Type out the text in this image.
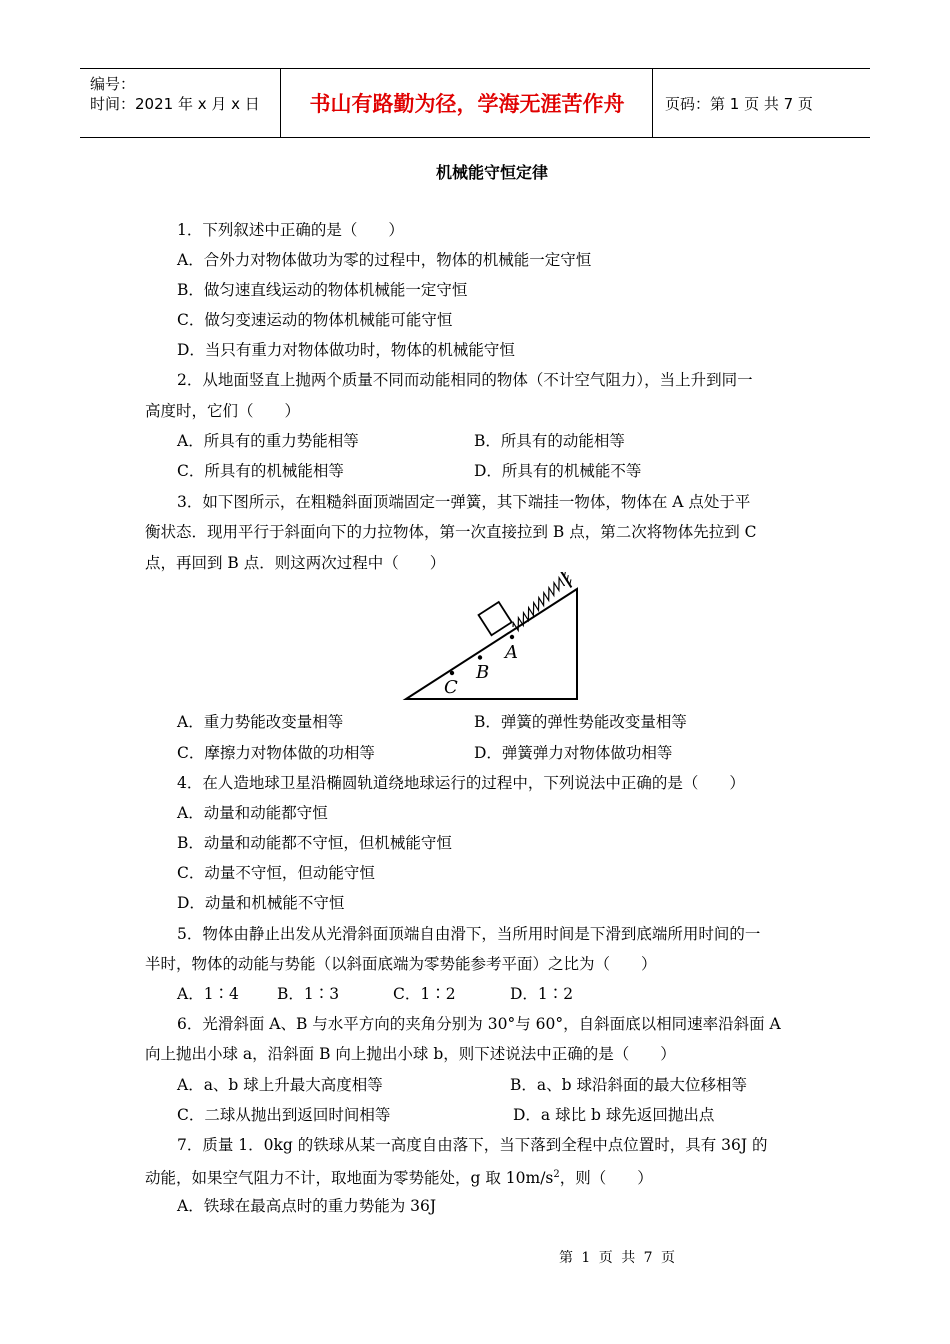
编号：
时间：2021 年 x 月 x 日	书山有路勤为径，学海无涯苦作舟	页码：第 1 页 共 7 页
机械能守恒定律
1．下列叙述中正确的是（　　）
A．合外力对物体做功为零的过程中，物体的机械能一定守恒
B．做匀速直线运动的物体机械能一定守恒
C．做匀变速运动的物体机械能可能守恒
D．当只有重力对物体做功时，物体的机械能守恒
2．从地面竖直上抛两个质量不同而动能相同的物体（不计空气阻力），当上升到同一
高度时，它们（　　）
A．所具有的重力势能相等	B．所具有的动能相等
C．所具有的机械能相等	D．所具有的机械能不等
3．如下图所示，在粗糙斜面顶端固定一弹簧，其下端挂一物体，物体在 A 点处于平
衡状态．现用平行于斜面向下的力拉物体，第一次直接拉到 B 点，第二次将物体先拉到 C
点，再回到 B 点．则这两次过程中（　　）
A
B
C
A．重力势能改变量相等	B．弹簧的弹性势能改变量相等
C．摩擦力对物体做的功相等	D．弹簧弹力对物体做功相等
4．在人造地球卫星沿椭圆轨道绕地球运行的过程中，下列说法中正确的是（　　）
A．动量和动能都守恒
B．动量和动能都不守恒，但机械能守恒
C．动量不守恒，但动能守恒
D．动量和机械能不守恒
5．物体由静止出发从光滑斜面顶端自由滑下，当所用时间是下滑到底端所用时间的一
半时，物体的动能与势能（以斜面底端为零势能参考平面）之比为（　　）
A．1∶4 B．1∶3	C．1∶2	D．1∶2
6．光滑斜面 A、B 与水平方向的夹角分别为 30°与 60°，自斜面底以相同速率沿斜面 A
向上抛出小球 a，沿斜面 B 向上抛出小球 b，则下述说法中正确的是（　　）
A．a、b 球上升最大高度相等	B．a、b 球沿斜面的最大位移相等
C．二球从抛出到返回时间相等	D．a 球比 b 球先返回抛出点
7．质量 1．0kg 的铁球从某一高度自由落下，当下落到全程中点位置时，具有 36J 的
动能，如果空气阻力不计，取地面为零势能处，g 取 $10m/s^2$，则（　　）
A．铁球在最高点时的重力势能为 36J
第 1 页 共 7 页
